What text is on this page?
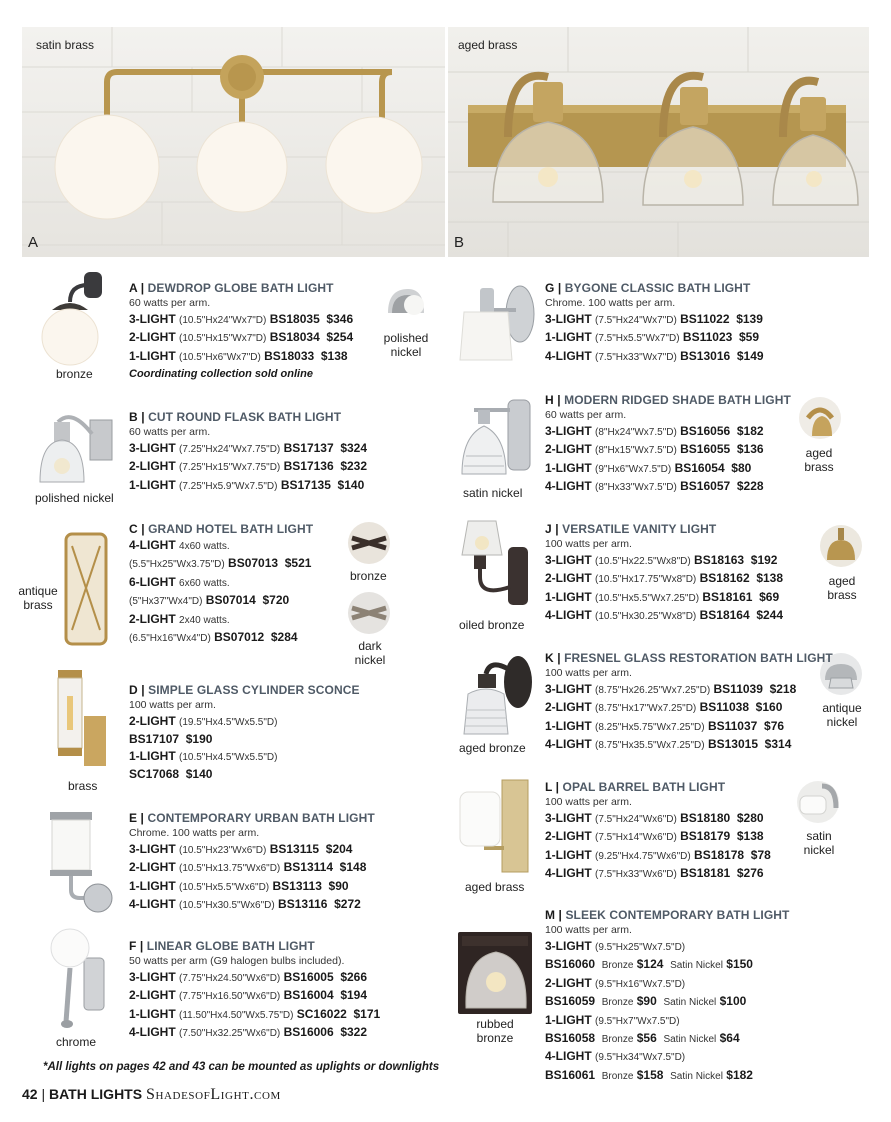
satin brass
A
aged brass
B
bronze
polished nickel
A | DEWDROP GLOBE BATH LIGHT
60 watts per arm.
3-LIGHT (10.5"Hx24"Wx7"D) BS18035 $346
2-LIGHT (10.5"Hx15"Wx7"D) BS18034 $254
1-LIGHT (10.5"Hx6"Wx7"D) BS18033 $138
Coordinating collection sold online
polished nickel
B | CUT ROUND FLASK BATH LIGHT
60 watts per arm.
3-LIGHT (7.25"Hx24"Wx7.75"D) BS17137 $324
2-LIGHT (7.25"Hx15"Wx7.75"D) BS17136 $232
1-LIGHT (7.25"Hx5.9"Wx7.5"D) BS17135 $140
antique brass
bronze
dark nickel
C | GRAND HOTEL BATH LIGHT
4-LIGHT 4x60 watts.
(5.5"Hx25"Wx3.75"D) BS07013 $521
6-LIGHT 6x60 watts.
(5"Hx37"Wx4"D) BS07014 $720
2-LIGHT 2x40 watts.
(6.5"Hx16"Wx4"D) BS07012 $284
brass
D | SIMPLE GLASS CYLINDER SCONCE
100 watts per arm.
2-LIGHT (19.5"Hx4.5"Wx5.5"D)
BS17107 $190
1-LIGHT (10.5"Hx4.5"Wx5.5"D)
SC17068 $140
E | CONTEMPORARY URBAN BATH LIGHT
Chrome. 100 watts per arm.
3-LIGHT (10.5"Hx23"Wx6"D) BS13115 $204
2-LIGHT (10.5"Hx13.75"Wx6"D) BS13114 $148
1-LIGHT (10.5"Hx5.5"Wx6"D) BS13113 $90
4-LIGHT (10.5"Hx30.5"Wx6"D) BS13116 $272
chrome
F | LINEAR GLOBE BATH LIGHT
50 watts per arm (G9 halogen bulbs included).
3-LIGHT (7.75"Hx24.50"Wx6"D) BS16005 $266
2-LIGHT (7.75"Hx16.50"Wx6"D) BS16004 $194
1-LIGHT (11.50"Hx4.50"Wx5.75"D) SC16022 $171
4-LIGHT (7.50"Hx32.25"Wx6"D) BS16006 $322
G | BYGONE CLASSIC BATH LIGHT
Chrome. 100 watts per arm.
3-LIGHT (7.5"Hx24"Wx7"D) BS11022 $139
1-LIGHT (7.5"Hx5.5"Wx7"D) BS11023 $59
4-LIGHT (7.5"Hx33"Wx7"D) BS13016 $149
satin nickel
aged brass
H | MODERN RIDGED SHADE BATH LIGHT
60 watts per arm.
3-LIGHT (8"Hx24"Wx7.5"D) BS16056 $182
2-LIGHT (8"Hx15"Wx7.5"D) BS16055 $136
1-LIGHT (9"Hx6"Wx7.5"D) BS16054 $80
4-LIGHT (8"Hx33"Wx7.5"D) BS16057 $228
oiled bronze
aged brass
J | VERSATILE VANITY LIGHT
100 watts per arm.
3-LIGHT (10.5"Hx22.5"Wx8"D) BS18163 $192
2-LIGHT (10.5"Hx17.75"Wx8"D) BS18162 $138
1-LIGHT (10.5"Hx5.5"Wx7.25"D) BS18161 $69
4-LIGHT (10.5"Hx30.25"Wx8"D) BS18164 $244
aged bronze
antique nickel
K | FRESNEL GLASS RESTORATION BATH LIGHT
100 watts per arm.
3-LIGHT (8.75"Hx26.25"Wx7.25"D) BS11039 $218
2-LIGHT (8.75"Hx17"Wx7.25"D) BS11038 $160
1-LIGHT (8.25"Hx5.75"Wx7.25"D) BS11037 $76
4-LIGHT (8.75"Hx35.5"Wx7.25"D) BS13015 $314
aged brass
satin nickel
L | OPAL BARREL BATH LIGHT
100 watts per arm.
3-LIGHT (7.5"Hx24"Wx6"D) BS18180 $280
2-LIGHT (7.5"Hx14"Wx6"D) BS18179 $138
1-LIGHT (9.25"Hx4.75"Wx6"D) BS18178 $78
4-LIGHT (7.5"Hx33"Wx6"D) BS18181 $276
rubbed bronze
M | SLEEK CONTEMPORARY BATH LIGHT
100 watts per arm.
3-LIGHT (9.5"Hx25"Wx7.5"D)
BS16060 Bronze $124 Satin Nickel $150
2-LIGHT (9.5"Hx16"Wx7.5"D)
BS16059 Bronze $90 Satin Nickel $100
1-LIGHT (9.5"Hx7"Wx7.5"D)
BS16058 Bronze $56 Satin Nickel $64
4-LIGHT (9.5"Hx34"Wx7.5"D)
BS16061 Bronze $158 Satin Nickel $182
*All lights on pages 42 and 43 can be mounted as uplights or downlights
42 | BATH LIGHTS ShadesofLight.com
